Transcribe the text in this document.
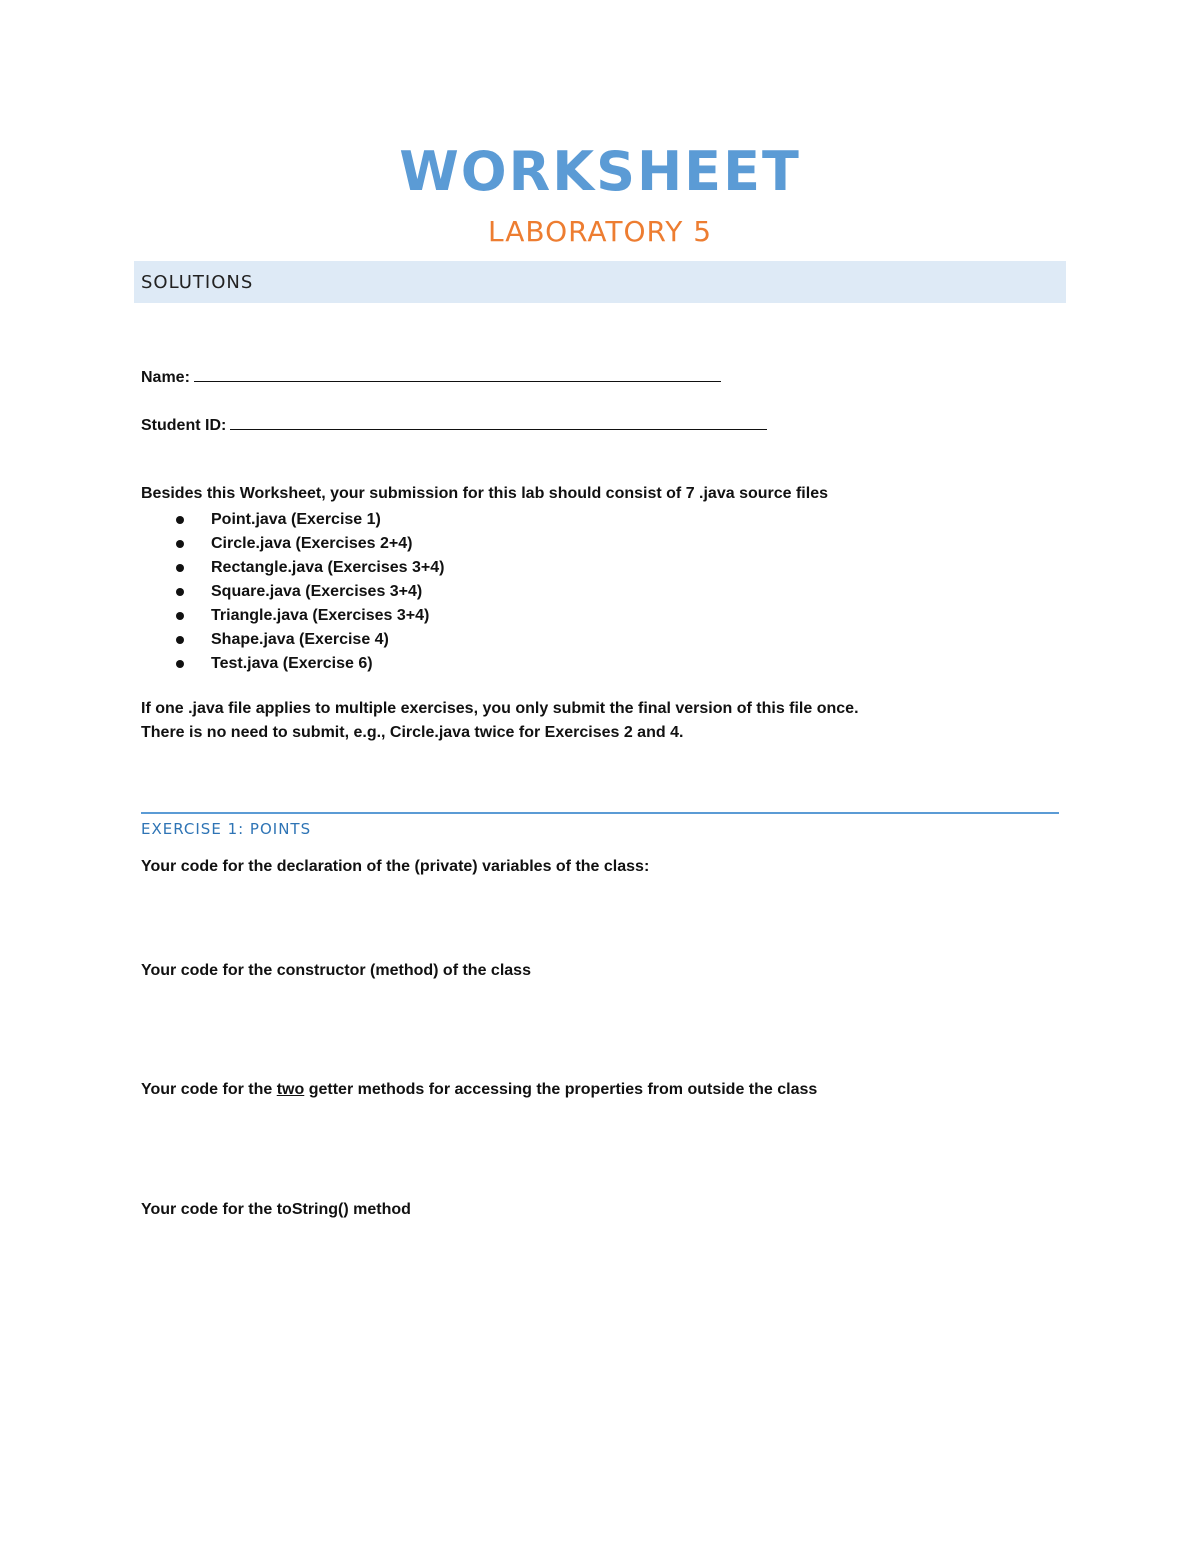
WORKSHEET
LABORATORY 5
SOLUTIONS
Name:
Student ID:
Besides this Worksheet, your submission for this lab should consist of 7 .java source files
Point.java (Exercise 1)
Circle.java (Exercises 2+4)
Rectangle.java (Exercises 3+4)
Square.java (Exercises 3+4)
Triangle.java (Exercises 3+4)
Shape.java (Exercise 4)
Test.java (Exercise 6)
If one .java file applies to multiple exercises, you only submit the final version of this file once.
There is no need to submit, e.g., Circle.java twice for Exercises 2 and 4.
EXERCISE 1: POINTS
Your code for the declaration of the (private) variables of the class:
Your code for the constructor (method) of the class
Your code for the two getter methods for accessing the properties from outside the class
Your code for the toString() method
